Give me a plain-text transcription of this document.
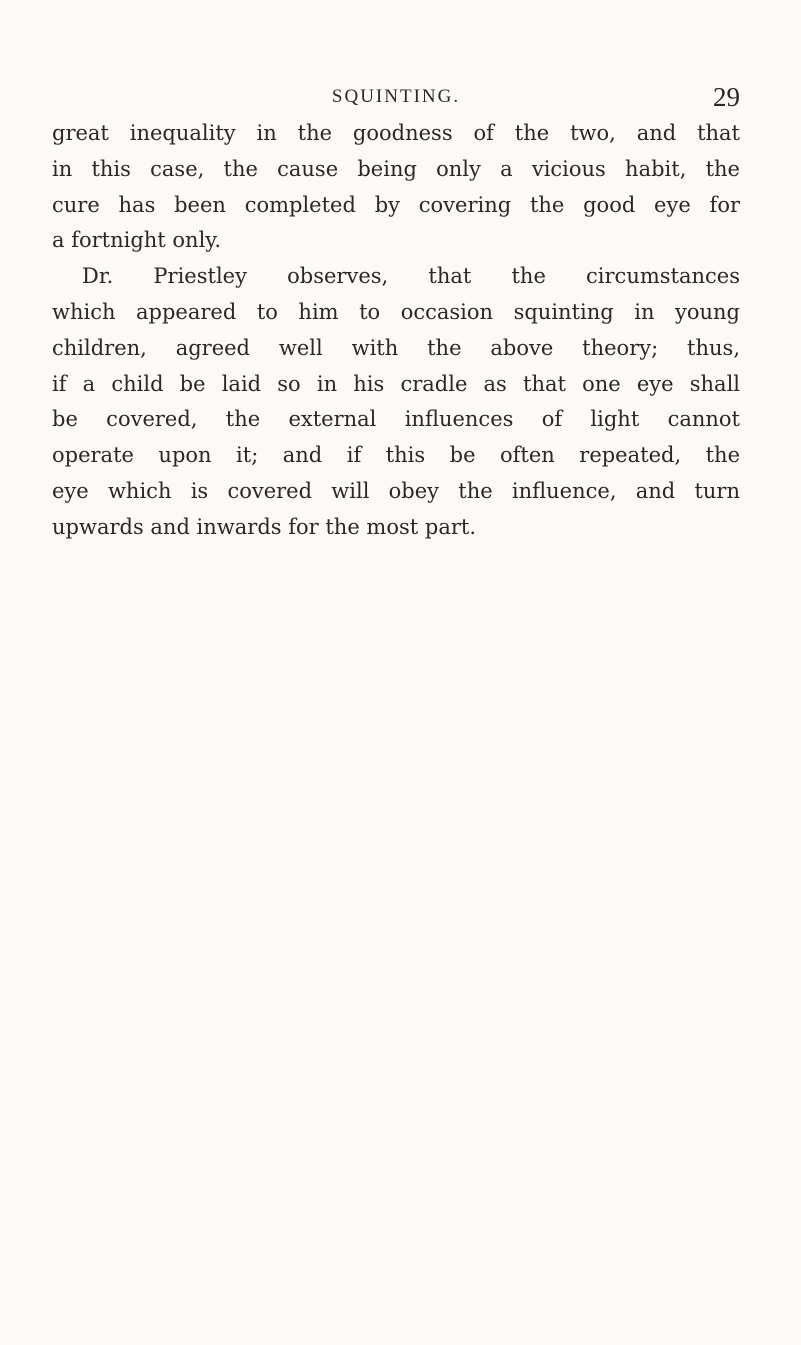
SQUINTING.	29
great inequality in the goodness of the two, and that
in this case, the cause being only a vicious habit, the
cure has been completed by covering the good eye for
a fortnight only.
Dr. Priestley observes, that the circumstances
which appeared to him to occasion squinting in young
children, agreed well with the above theory; thus,
if a child be laid so in his cradle as that one eye shall
be covered, the external influences of light cannot
operate upon it; and if this be often repeated, the
eye which is covered will obey the influence, and turn
upwards and inwards for the most part.
